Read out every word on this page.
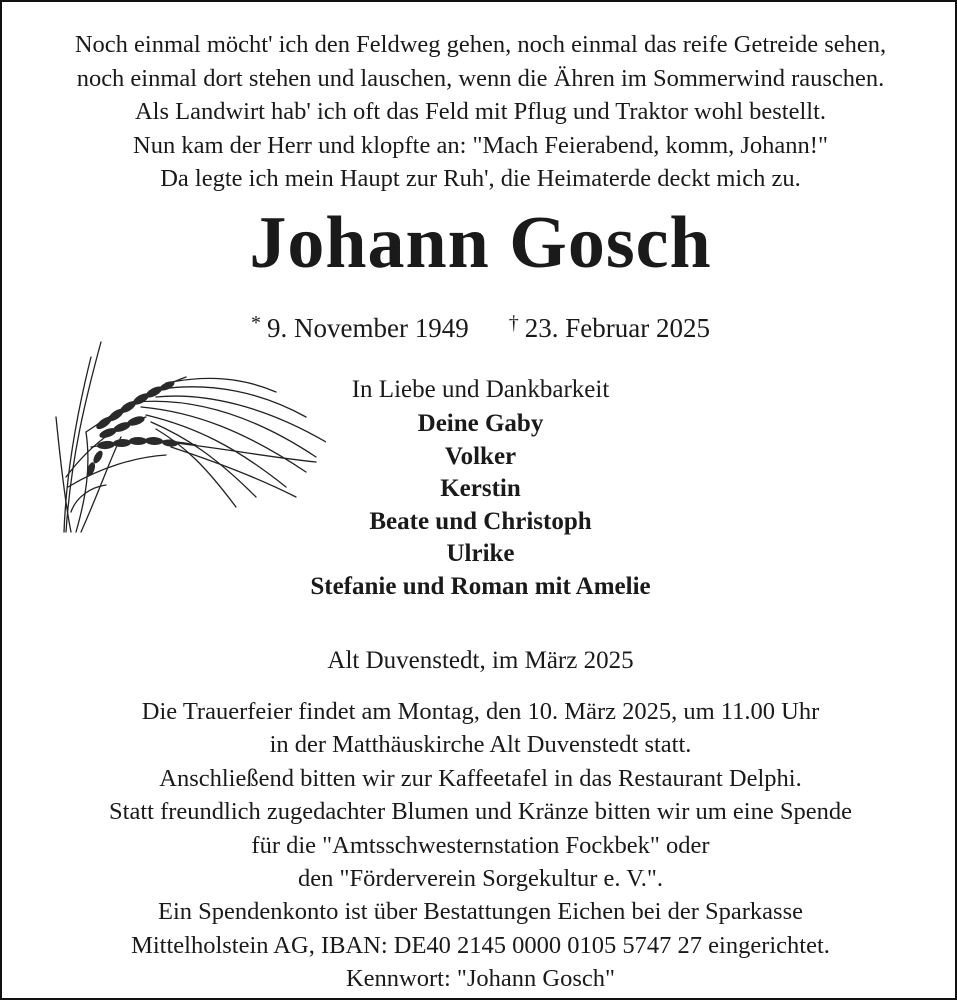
Noch einmal möcht' ich den Feldweg gehen, noch einmal das reife Getreide sehen,
noch einmal dort stehen und lauschen, wenn die Ähren im Sommerwind rauschen.
Als Landwirt hab' ich oft das Feld mit Pflug und Traktor wohl bestellt.
Nun kam der Herr und klopfte an: "Mach Feierabend, komm, Johann!"
Da legte ich mein Haupt zur Ruh', die Heimaterde deckt mich zu.
Johann Gosch
* 9. November 1949 † 23. Februar 2025
In Liebe und Dankbarkeit
Deine Gaby
Volker
Kerstin
Beate und Christoph
Ulrike
Stefanie und Roman mit Amelie
Alt Duvenstedt, im März 2025
Die Trauerfeier findet am Montag, den 10. März 2025, um 11.00 Uhr
in der Matthäuskirche Alt Duvenstedt statt.
Anschließend bitten wir zur Kaffeetafel in das Restaurant Delphi.
Statt freundlich zugedachter Blumen und Kränze bitten wir um eine Spende
für die "Amtsschwesternstation Fockbek" oder
den "Förderverein Sorgekultur e. V.".
Ein Spendenkonto ist über Bestattungen Eichen bei der Sparkasse
Mittelholstein AG, IBAN: DE40 2145 0000 0105 5747 27 eingerichtet.
Kennwort: "Johann Gosch"
